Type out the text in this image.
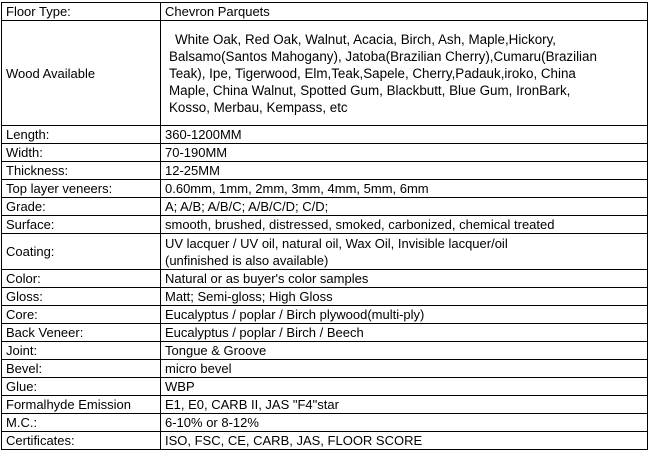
Floor Type:	Chevron Parquets
Wood Available	White Oak, Red Oak, Walnut, Acacia, Birch, Ash, Maple,Hickory,
Balsamo(Santos Mahogany), Jatoba(Brazilian Cherry),Cumaru(Brazilian
Teak), Ipe, Tigerwood, Elm,Teak,Sapele, Cherry,Padauk,iroko, China
Maple, China Walnut, Spotted Gum, Blackbutt, Blue Gum, IronBark,
Kosso, Merbau, Kempass, etc

Length:	360-1200MM
Width:	70-190MM
Thickness:	12-25MM
Top layer veneers:	0.60mm, 1mm, 2mm, 3mm, 4mm, 5mm, 6mm
Grade:	A; A/B; A/B/C; A/B/C/D; C/D;
Surface:	smooth, brushed, distressed, smoked, carbonized, chemical treated
Coating:	UV lacquer / UV oil, natural oil, Wax Oil, Invisible lacquer/oil
(unfinished is also available)

Color:	Natural or as buyer's color samples
Gloss:	Matt; Semi-gloss; High Gloss
Core:	Eucalyptus / poplar / Birch plywood(multi-ply)
Back Veneer:	Eucalyptus / poplar / Birch / Beech
Joint:	Tongue & Groove
Bevel:	micro bevel
Glue:	WBP
Formalhyde Emission	E1, E0, CARB II, JAS "F4"star
M.C.:	6-10% or 8-12%
Certificates:	ISO, FSC, CE, CARB, JAS, FLOOR SCORE
